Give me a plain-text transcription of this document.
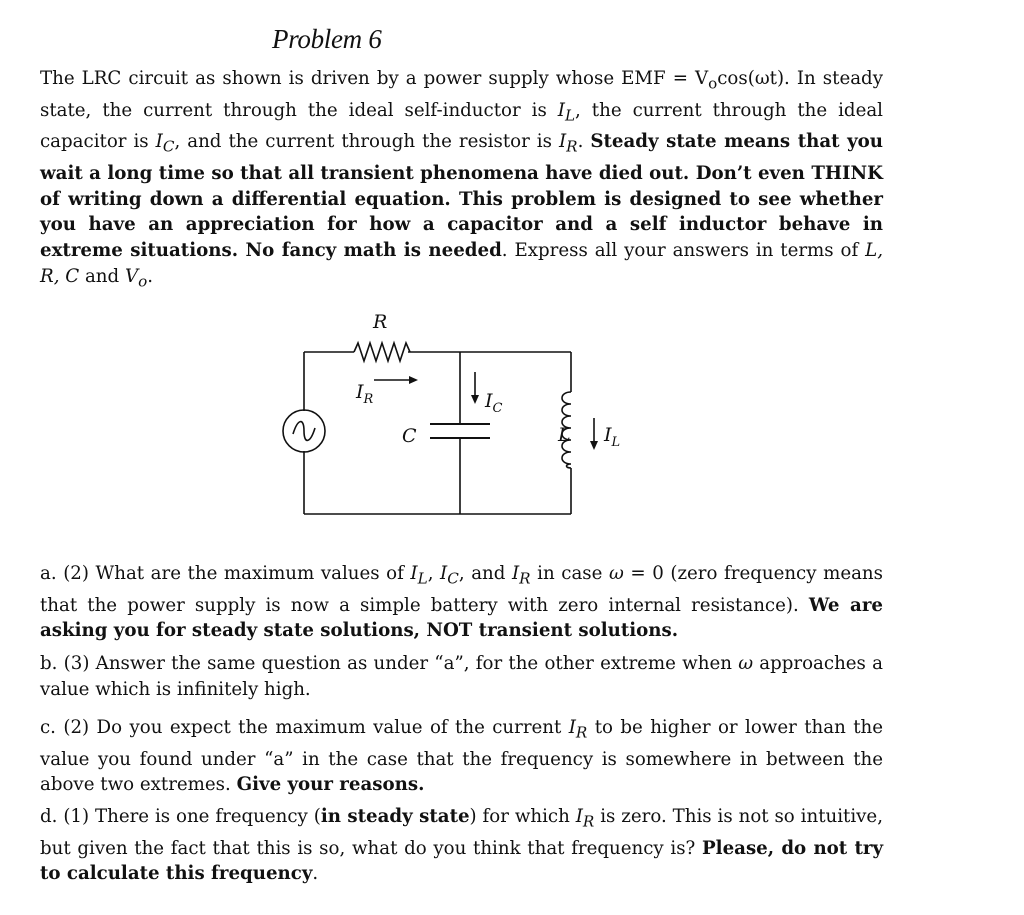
Problem 6

The LRC circuit as shown is driven by a power supply whose EMF = $V_o\cos(\omega t)$. In steady state, the current through the ideal self-inductor is $I_L$, the current through the ideal capacitor is $I_C$, and the current through the resistor is $I_R$. Steady state means that you wait a long time so that all transient phenomena have died out. Don’t even THINK of writing down a differential equation. This problem is designed to see whether you have an appreciation for how a capacitor and a self inductor behave in extreme situations. No fancy math is needed. Express all your answers in terms of L, R, C and $V_o$.

R
$I_R$
C
$I_C$
L $I_L$

a. (2) What are the maximum values of $I_L$, $I_C$, and $I_R$ in case ω = 0 (zero frequency means that the power supply is now a simple battery with zero internal resistance). We are asking you for steady state solutions, NOT transient solutions.

b. (3) Answer the same question as under “a”, for the other extreme when ω approaches a value which is infinitely high.

c. (2) Do you expect the maximum value of the current $I_R$ to be higher or lower than the value you found under “a” in the case that the frequency is somewhere in between the above two extremes. Give your reasons.

d. (1) There is one frequency (in steady state) for which $I_R$ is zero. This is not so intuitive, but given the fact that this is so, what do you think that frequency is? Please, do not try to calculate this frequency.
